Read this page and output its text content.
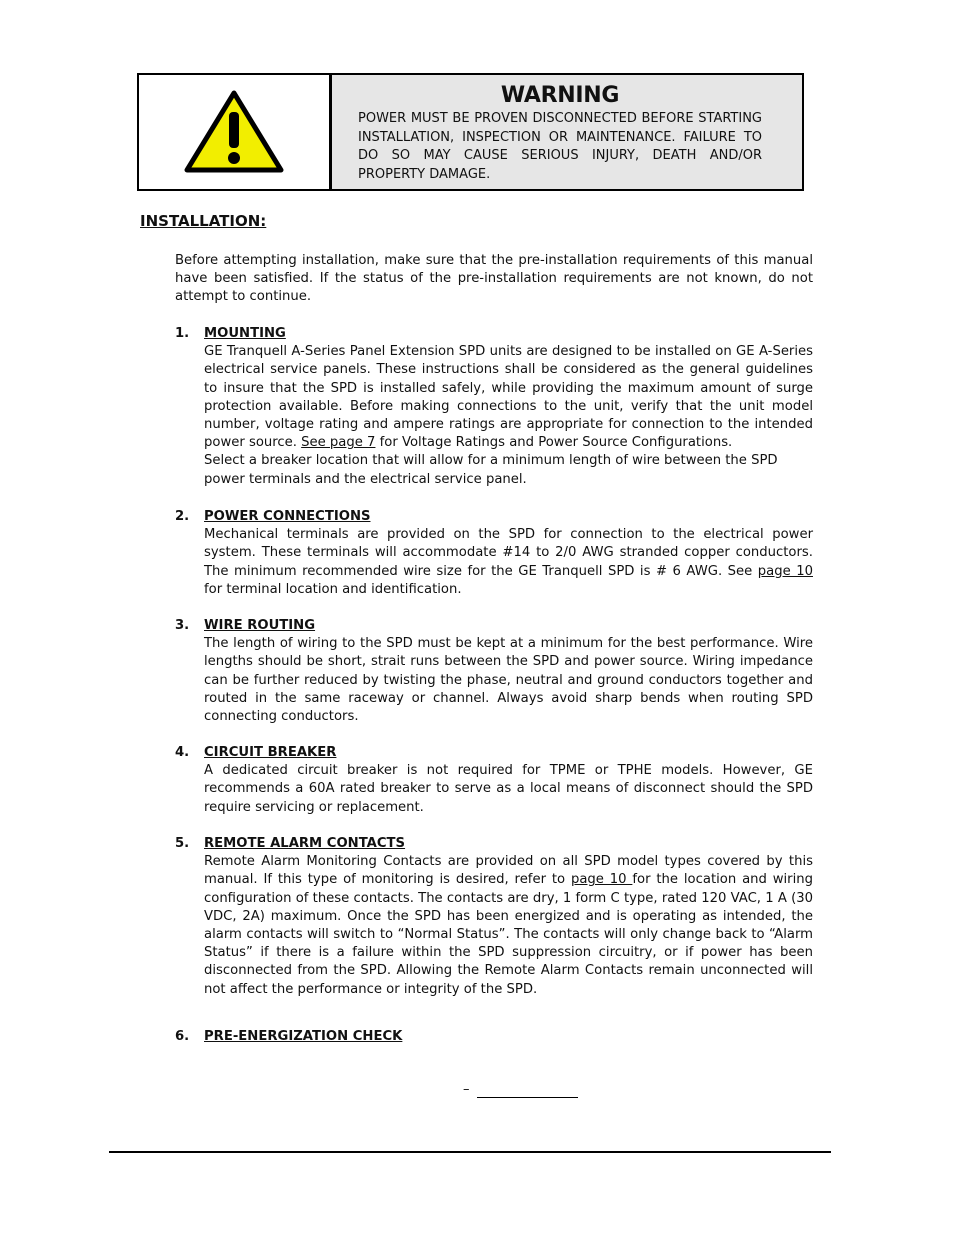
WARNING
POWER MUST BE PROVEN DISCONNECTED BEFORE STARTING INSTALLATION, INSPECTION OR MAINTENANCE. FAILURE TO DO SO MAY CAUSE SERIOUS INJURY, DEATH AND/OR PROPERTY DAMAGE.
INSTALLATION:
Before attempting installation, make sure that the pre-installation requirements of this manual have been satisfied. If the status of the pre-installation requirements are not known, do not attempt to continue.
1. MOUNTING
GE Tranquell A-Series Panel Extension SPD units are designed to be installed on GE A-Series electrical service panels. These instructions shall be considered as the general guidelines to insure that the SPD is installed safely, while providing the maximum amount of surge protection available. Before making connections to the unit, verify that the unit model number, voltage rating and ampere ratings are appropriate for connection to the intended power source. See page 7 for Voltage Ratings and Power Source Configurations.
Select a breaker location that will allow for a minimum length of wire between the SPD power terminals and the electrical service panel.
2. POWER CONNECTIONS
Mechanical terminals are provided on the SPD for connection to the electrical power system. These terminals will accommodate #14 to 2/0 AWG stranded copper conductors. The minimum recommended wire size for the GE Tranquell SPD is # 6 AWG. See page 10 for terminal location and identification.
3. WIRE ROUTING
The length of wiring to the SPD must be kept at a minimum for the best performance. Wire lengths should be short, strait runs between the SPD and power source. Wiring impedance can be further reduced by twisting the phase, neutral and ground conductors together and routed in the same raceway or channel. Always avoid sharp bends when routing SPD connecting conductors.
4. CIRCUIT BREAKER
A dedicated circuit breaker is not required for TPME or TPHE models. However, GE recommends a 60A rated breaker to serve as a local means of disconnect should the SPD require servicing or replacement.
5. REMOTE ALARM CONTACTS
Remote Alarm Monitoring Contacts are provided on all SPD model types covered by this manual. If this type of monitoring is desired, refer to page 10 for the location and wiring configuration of these contacts. The contacts are dry, 1 form C type, rated 120 VAC, 1 A (30 VDC, 2A) maximum. Once the SPD has been energized and is operating as intended, the alarm contacts will switch to “Normal Status”. The contacts will only change back to “Alarm Status” if there is a failure within the SPD suppression circuitry, or if power has been disconnected from the SPD. Allowing the Remote Alarm Contacts remain unconnected will not affect the performance or integrity of the SPD.
6. PRE-ENERGIZATION CHECK
–
